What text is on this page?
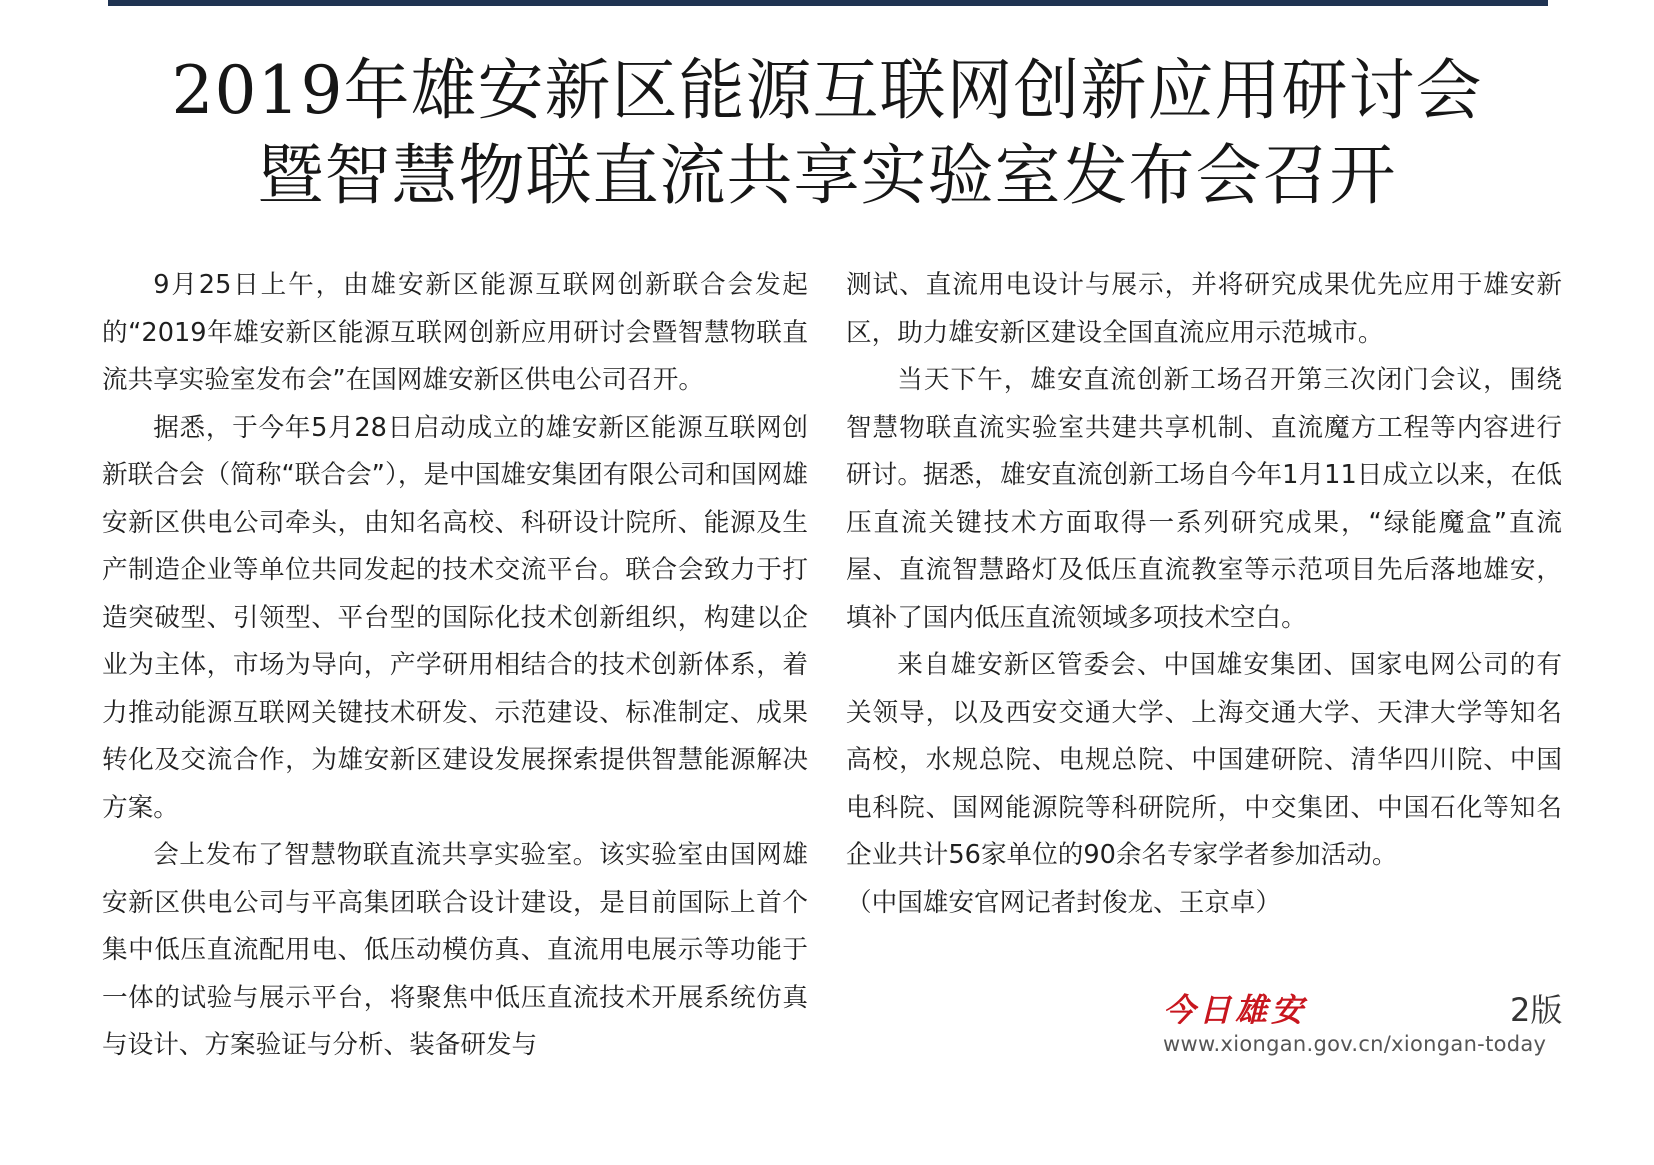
2019年雄安新区能源互联网创新应用研讨会
暨智慧物联直流共享实验室发布会召开

9月25日上午，由雄安新区能源互联网创新联合会发起的“2019年雄安新区能源互联网创新应用研讨会暨智慧物联直流共享实验室发布会”在国网雄安新区供电公司召开。

据悉，于今年5月28日启动成立的雄安新区能源互联网创新联合会（简称“联合会”），是中国雄安集团有限公司和国网雄安新区供电公司牵头，由知名高校、科研设计院所、能源及生产制造企业等单位共同发起的技术交流平台。联合会致力于打造突破型、引领型、平台型的国际化技术创新组织，构建以企业为主体，市场为导向，产学研用相结合的技术创新体系，着力推动能源互联网关键技术研发、示范建设、标准制定、成果转化及交流合作，为雄安新区建设发展探索提供智慧能源解决方案。

会上发布了智慧物联直流共享实验室。该实验室由国网雄安新区供电公司与平高集团联合设计建设，是目前国际上首个集中低压直流配用电、低压动模仿真、直流用电展示等功能于一体的试验与展示平台，将聚焦中低压直流技术开展系统仿真与设计、方案验证与分析、装备研发与

测试、直流用电设计与展示，并将研究成果优先应用于雄安新区，助力雄安新区建设全国直流应用示范城市。

当天下午，雄安直流创新工场召开第三次闭门会议，围绕智慧物联直流实验室共建共享机制、直流魔方工程等内容进行研讨。据悉，雄安直流创新工场自今年1月11日成立以来，在低压直流关键技术方面取得一系列研究成果，“绿能魔盒”直流屋、直流智慧路灯及低压直流教室等示范项目先后落地雄安，填补了国内低压直流领域多项技术空白。

来自雄安新区管委会、中国雄安集团、国家电网公司的有关领导，以及西安交通大学、上海交通大学、天津大学等知名高校，水规总院、电规总院、中国建研院、清华四川院、中国电科院、国网能源院等科研院所，中交集团、中国石化等知名企业共计56家单位的90余名专家学者参加活动。

（中国雄安官网记者封俊龙、王京卓）

今日雄安	2版
www.xiongan.gov.cn/xiongan-today
